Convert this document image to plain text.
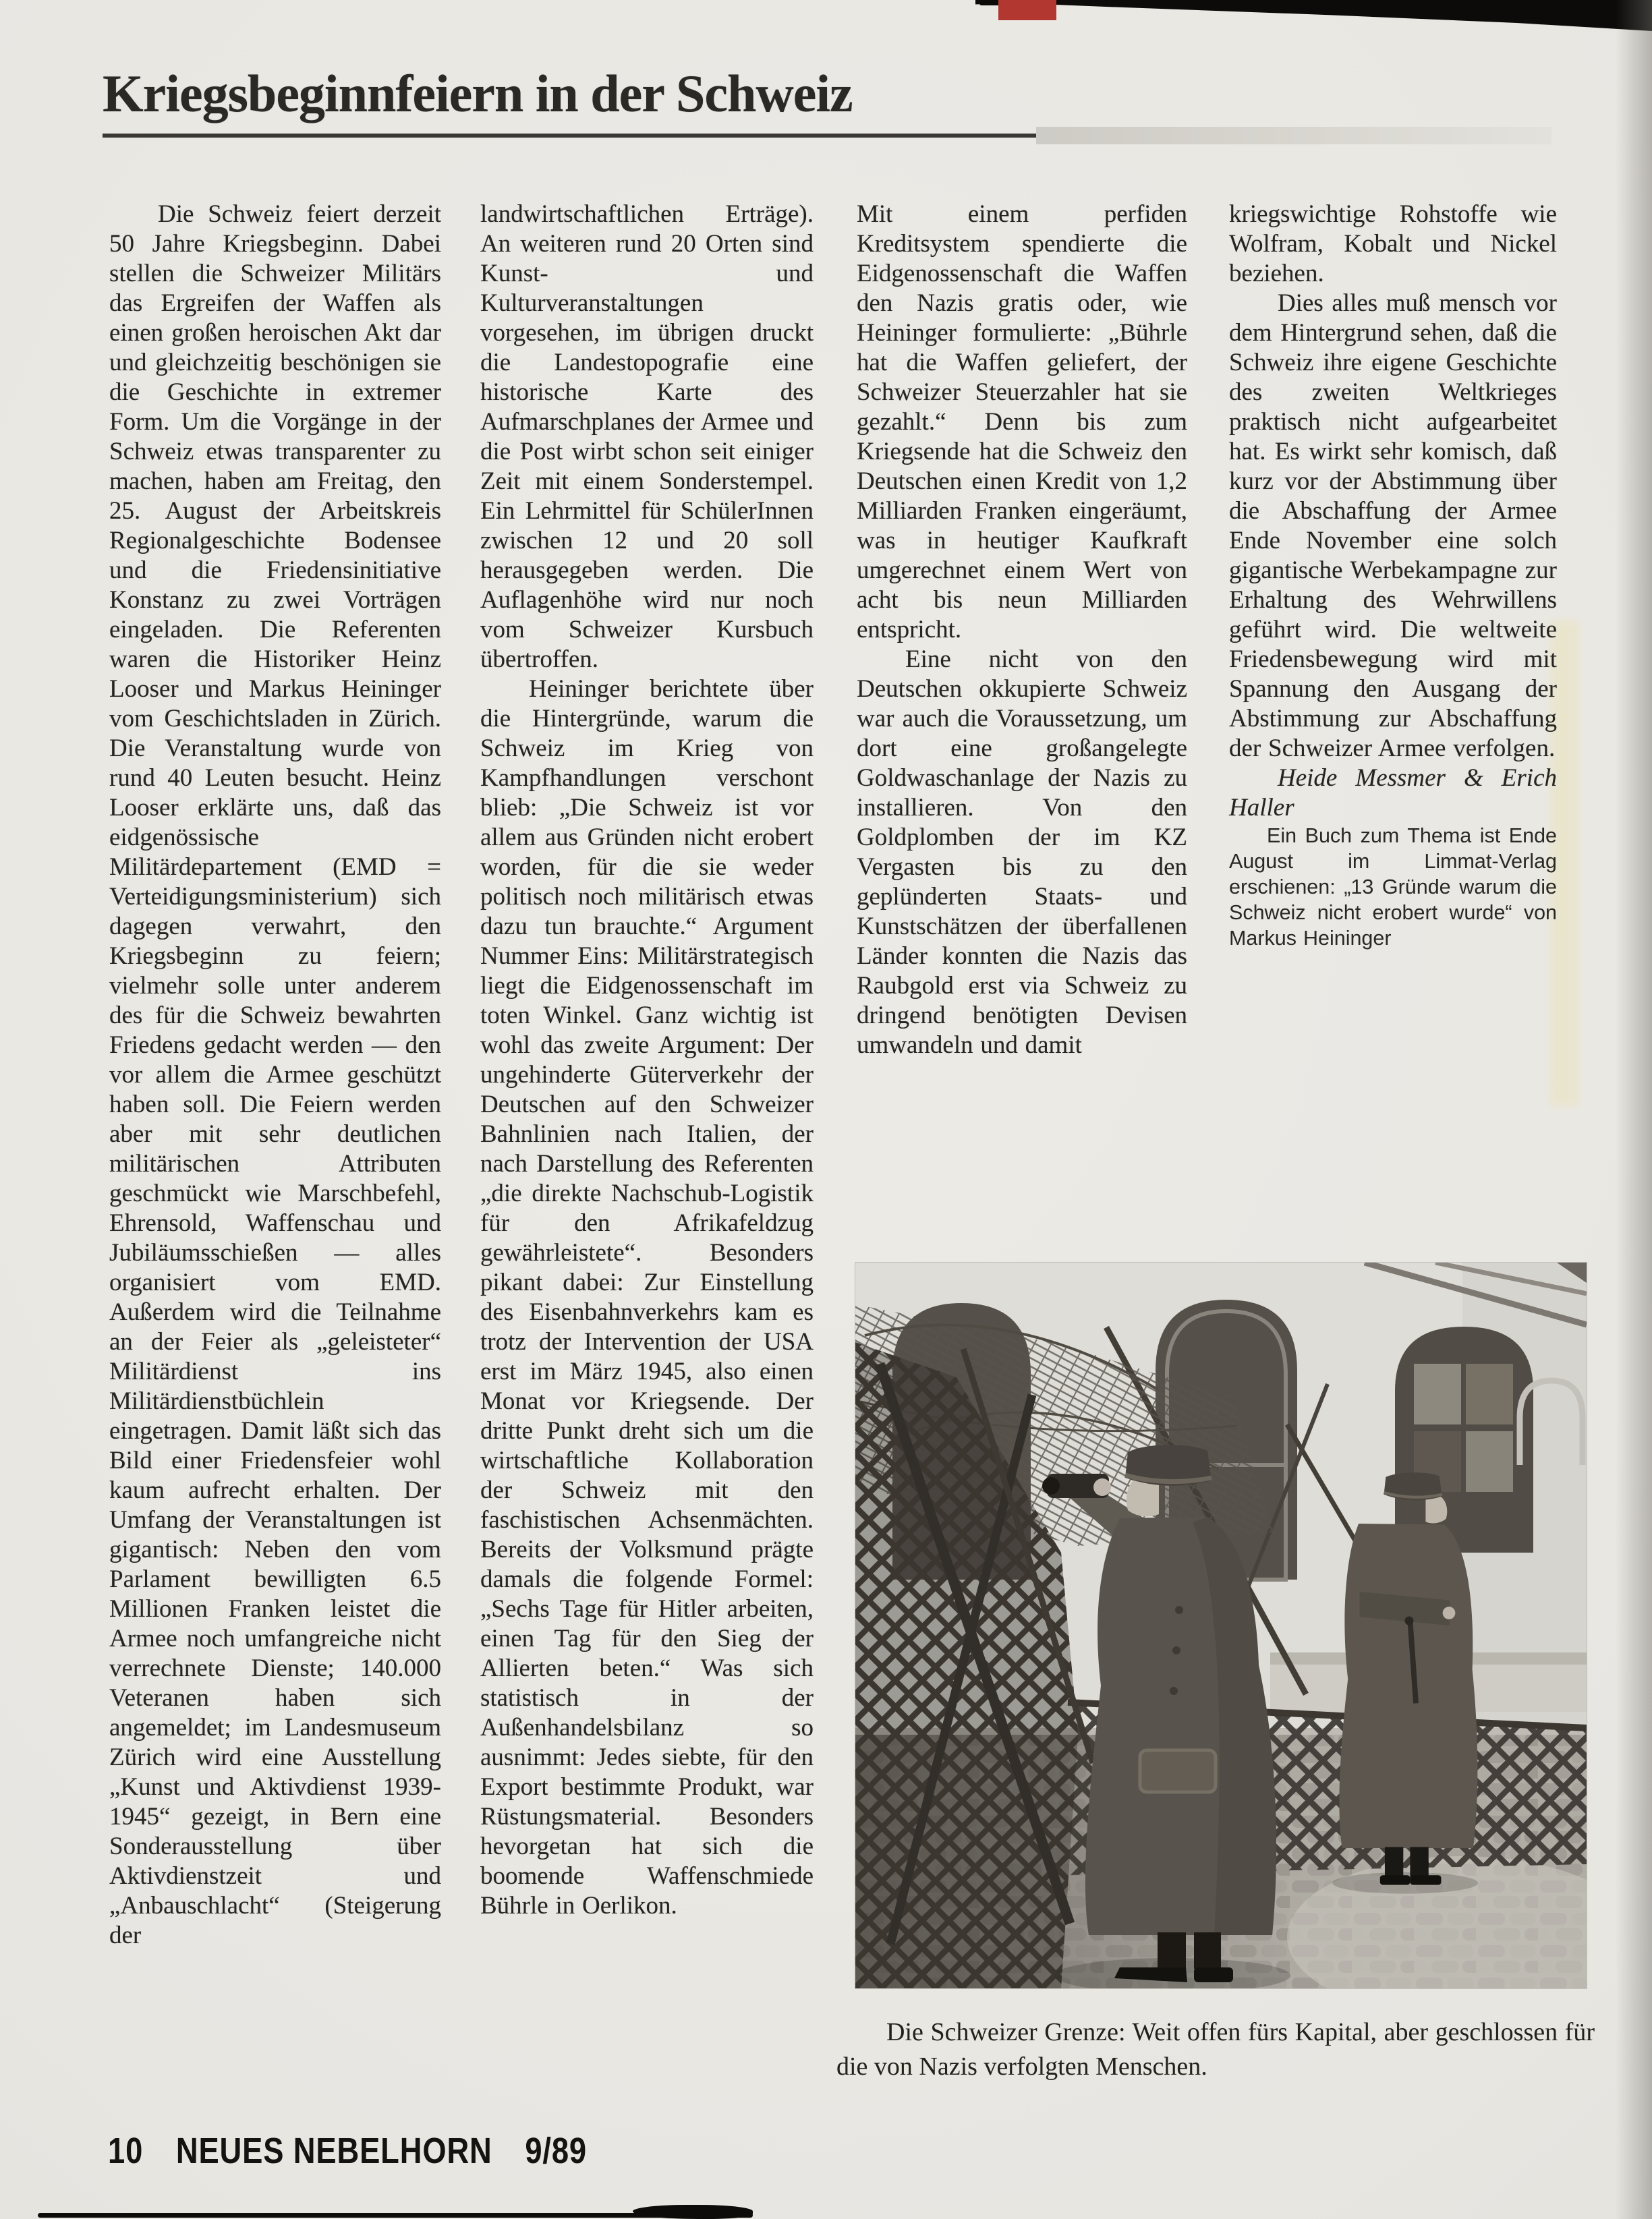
Kriegsbeginnfeiern in der Schweiz

Die Schweiz feiert derzeit 50 Jahre Kriegsbeginn. Dabei stellen die Schweizer Militärs das Ergreifen der Waffen als einen großen heroischen Akt dar und gleichzeitig beschönigen sie die Geschichte in extremer Form. Um die Vorgänge in der Schweiz etwas transparenter zu machen, haben am Freitag, den 25. August der Arbeitskreis Regionalgeschichte Bodensee und die Friedensinitiative Konstanz zu zwei Vorträgen eingeladen. Die Referenten waren die Historiker Heinz Looser und Markus Heininger vom Geschichtsladen in Zürich. Die Veranstaltung wurde von rund 40 Leuten besucht. Heinz Looser erklärte uns, daß das eidgenössische Militärdepartement (EMD = Verteidigungsministerium) sich dagegen verwahrt, den Kriegsbeginn zu feiern; vielmehr solle unter anderem des für die Schweiz bewahrten Friedens gedacht werden — den vor allem die Armee geschützt haben soll. Die Feiern werden aber mit sehr deutlichen militärischen Attributen geschmückt wie Marschbefehl, Ehrensold, Waffenschau und Jubiläumsschießen — alles organisiert vom EMD. Außerdem wird die Teilnahme an der Feier als „geleisteter“ Militärdienst ins Militärdienstbüchlein eingetragen. Damit läßt sich das Bild einer Friedensfeier wohl kaum aufrecht erhalten. Der Umfang der Veranstaltungen ist gigantisch: Neben den vom Parlament bewilligten 6.5 Millionen Franken leistet die Armee noch umfangreiche nicht verrechnete Dienste; 140.000 Veteranen haben sich angemeldet; im Landesmuseum Zürich wird eine Ausstellung „Kunst und Aktivdienst 1939-1945“ gezeigt, in Bern eine Sonderausstellung über Aktivdienstzeit und „Anbauschlacht“ (Steigerung der

landwirtschaftlichen Erträge). An weiteren rund 20 Orten sind Kunst- und Kulturveranstaltungen vorgesehen, im übrigen druckt die Landestopografie eine historische Karte des Aufmarschplanes der Armee und die Post wirbt schon seit einiger Zeit mit einem Sonderstempel. Ein Lehrmittel für SchülerInnen zwischen 12 und 20 soll herausgegeben werden. Die Auflagenhöhe wird nur noch vom Schweizer Kursbuch übertroffen.

Heininger berichtete über die Hintergründe, warum die Schweiz im Krieg von Kampfhandlungen verschont blieb: „Die Schweiz ist vor allem aus Gründen nicht erobert worden, für die sie weder politisch noch militärisch etwas dazu tun brauchte.“ Argument Nummer Eins: Militärstrategisch liegt die Eidgenossenschaft im toten Winkel. Ganz wichtig ist wohl das zweite Argument: Der ungehinderte Güterverkehr der Deutschen auf den Schweizer Bahnlinien nach Italien, der nach Darstellung des Referenten „die direkte Nachschub-Logistik für den Afrikafeldzug gewährleistete“. Besonders pikant dabei: Zur Einstellung des Eisenbahnverkehrs kam es trotz der Intervention der USA erst im März 1945, also einen Monat vor Kriegsende. Der dritte Punkt dreht sich um die wirtschaftliche Kollaboration der Schweiz mit den faschistischen Achsenmächten. Bereits der Volksmund prägte damals die folgende Formel: „Sechs Tage für Hitler arbeiten, einen Tag für den Sieg der Allierten beten.“ Was sich statistisch in der Außenhandelsbilanz so ausnimmt: Jedes siebte, für den Export bestimmte Produkt, war Rüstungsmaterial. Besonders hevorgetan hat sich die boomende Waffenschmiede Bührle in Oerlikon.

Mit einem perfiden Kreditsystem spendierte die Eidgenossenschaft die Waffen den Nazis gratis oder, wie Heininger formulierte: „Bührle hat die Waffen geliefert, der Schweizer Steuerzahler hat sie gezahlt.“ Denn bis zum Kriegsende hat die Schweiz den Deutschen einen Kredit von 1,2 Milliarden Franken eingeräumt, was in heutiger Kaufkraft umgerechnet einem Wert von acht bis neun Milliarden entspricht.

Eine nicht von den Deutschen okkupierte Schweiz war auch die Voraussetzung, um dort eine großangelegte Goldwaschanlage der Nazis zu installieren. Von den Goldplomben der im KZ Vergasten bis zu den geplünderten Staats- und Kunstschätzen der überfallenen Länder konnten die Nazis das Raubgold erst via Schweiz zu dringend benötigten Devisen umwandeln und damit

kriegswichtige Rohstoffe wie Wolfram, Kobalt und Nickel beziehen.

Dies alles muß mensch vor dem Hintergrund sehen, daß die Schweiz ihre eigene Geschichte des zweiten Weltkrieges praktisch nicht aufgearbeitet hat. Es wirkt sehr komisch, daß kurz vor der Abstimmung über die Abschaffung der Armee Ende November eine solch gigantische Werbekampagne zur Erhaltung des Wehrwillens geführt wird. Die weltweite Friedensbewegung wird mit Spannung den Ausgang der Abstimmung zur Abschaffung der Schweizer Armee verfolgen.

Heide Messmer & Erich Haller

Ein Buch zum Thema ist Ende August im Limmat-Verlag erschienen: „13 Gründe warum die Schweiz nicht erobert wurde“ von Markus Heininger

Die Schweizer Grenze: Weit offen fürs Kapital, aber geschlossen für die von Nazis verfolgten Menschen.

10 NEUES NEBELHORN 9/89
